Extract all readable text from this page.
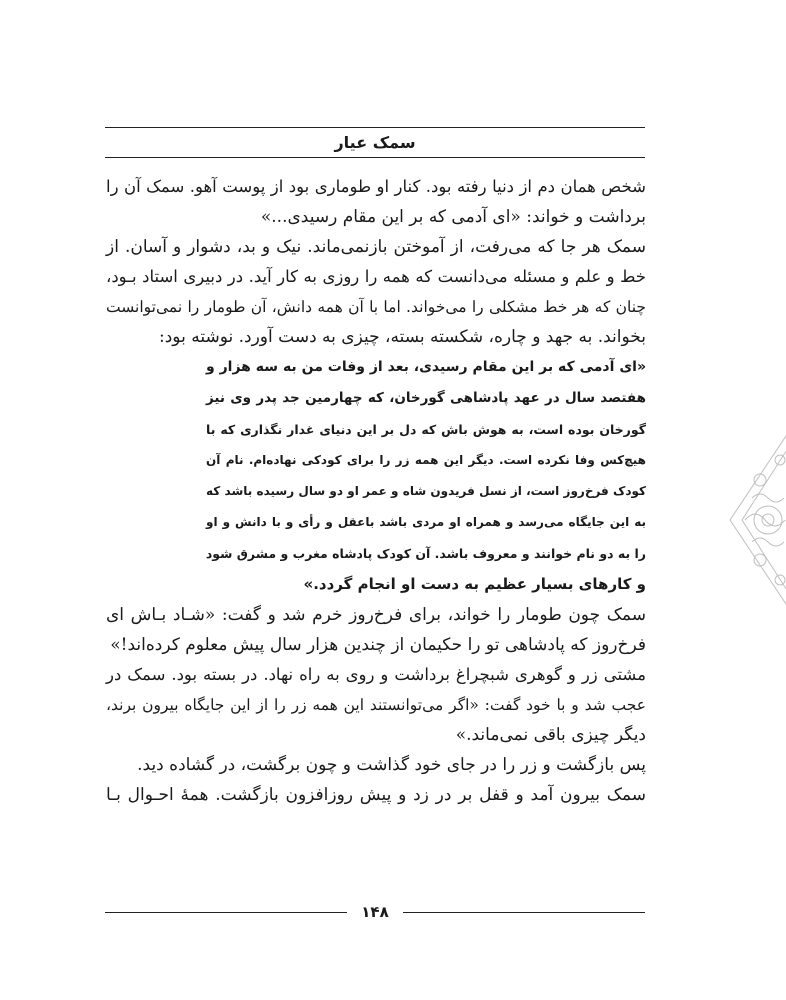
سمک عیار

شخص همان دم از دنیا رفته بود. کنار او طوماری بود از پوست آهو. سمک آن را
برداشت و خواند: «ای آدمی که بر این مقام رسیدی...»

سمک هر جا که می‌رفت، از آموختن بازنمی‌ماند. نیک و بد، دشوار و آسان. از
خط و علم و مسئله می‌دانست که همه را روزی به کار آید. در دبیری استاد بـود،
چنان که هر خط مشکلی را می‌خواند. اما با آن همه دانش، آن طومار را نمی‌توانست
بخواند. به جهد و چاره، شکسته بسته، چیزی به دست آورد. نوشته بود:

«ای آدمی که بر این مقام رسیدی، بعد از وفات من به سه هزار و
هفتصد سال در عهد پادشاهی گورخان، که چهارمین جد پدر وی نیز
گورخان بوده است، به هوش باش که دل بر این دنیای غدار نگذاری که با
هیچ‌کس وفا نکرده است. دیگر این همه زر را برای کودکی نهاده‌ام. نام آن
کودک فرخ‌روز است، از نسل فریدون شاه و عمر او دو سال رسیده باشد که
به این جایگاه می‌رسد و همراه او مردی باشد باعقل و رأی و با دانش و او
را به دو نام خوانند و معروف باشد. آن کودک پادشاه مغرب و مشرق شود
و کارهای بسیار عظیم به دست او انجام گردد.»

سمک چون طومار را خواند، برای فرخ‌روز خرم شد و گفت: «شـاد بـاش ای
فرخ‌روز که پادشاهی تو را حکیمان از چندین هزار سال پیش معلوم کرده‌اند!»

مشتی زر و گوهری شبچراغ برداشت و روی به راه نهاد. در بسته بود. سمک در
عجب شد و با خود گفت: «اگر می‌توانستند این همه زر را از این جایگاه بیرون برند،
دیگر چیزی باقی نمی‌ماند.»

پس بازگشت و زر را در جای خود گذاشت و چون برگشت، در گشاده دید.
سمک بیرون آمد و قفل بر در زد و پیش روزافزون بازگشت. همهٔ احـوال بـا

۱۴۸
